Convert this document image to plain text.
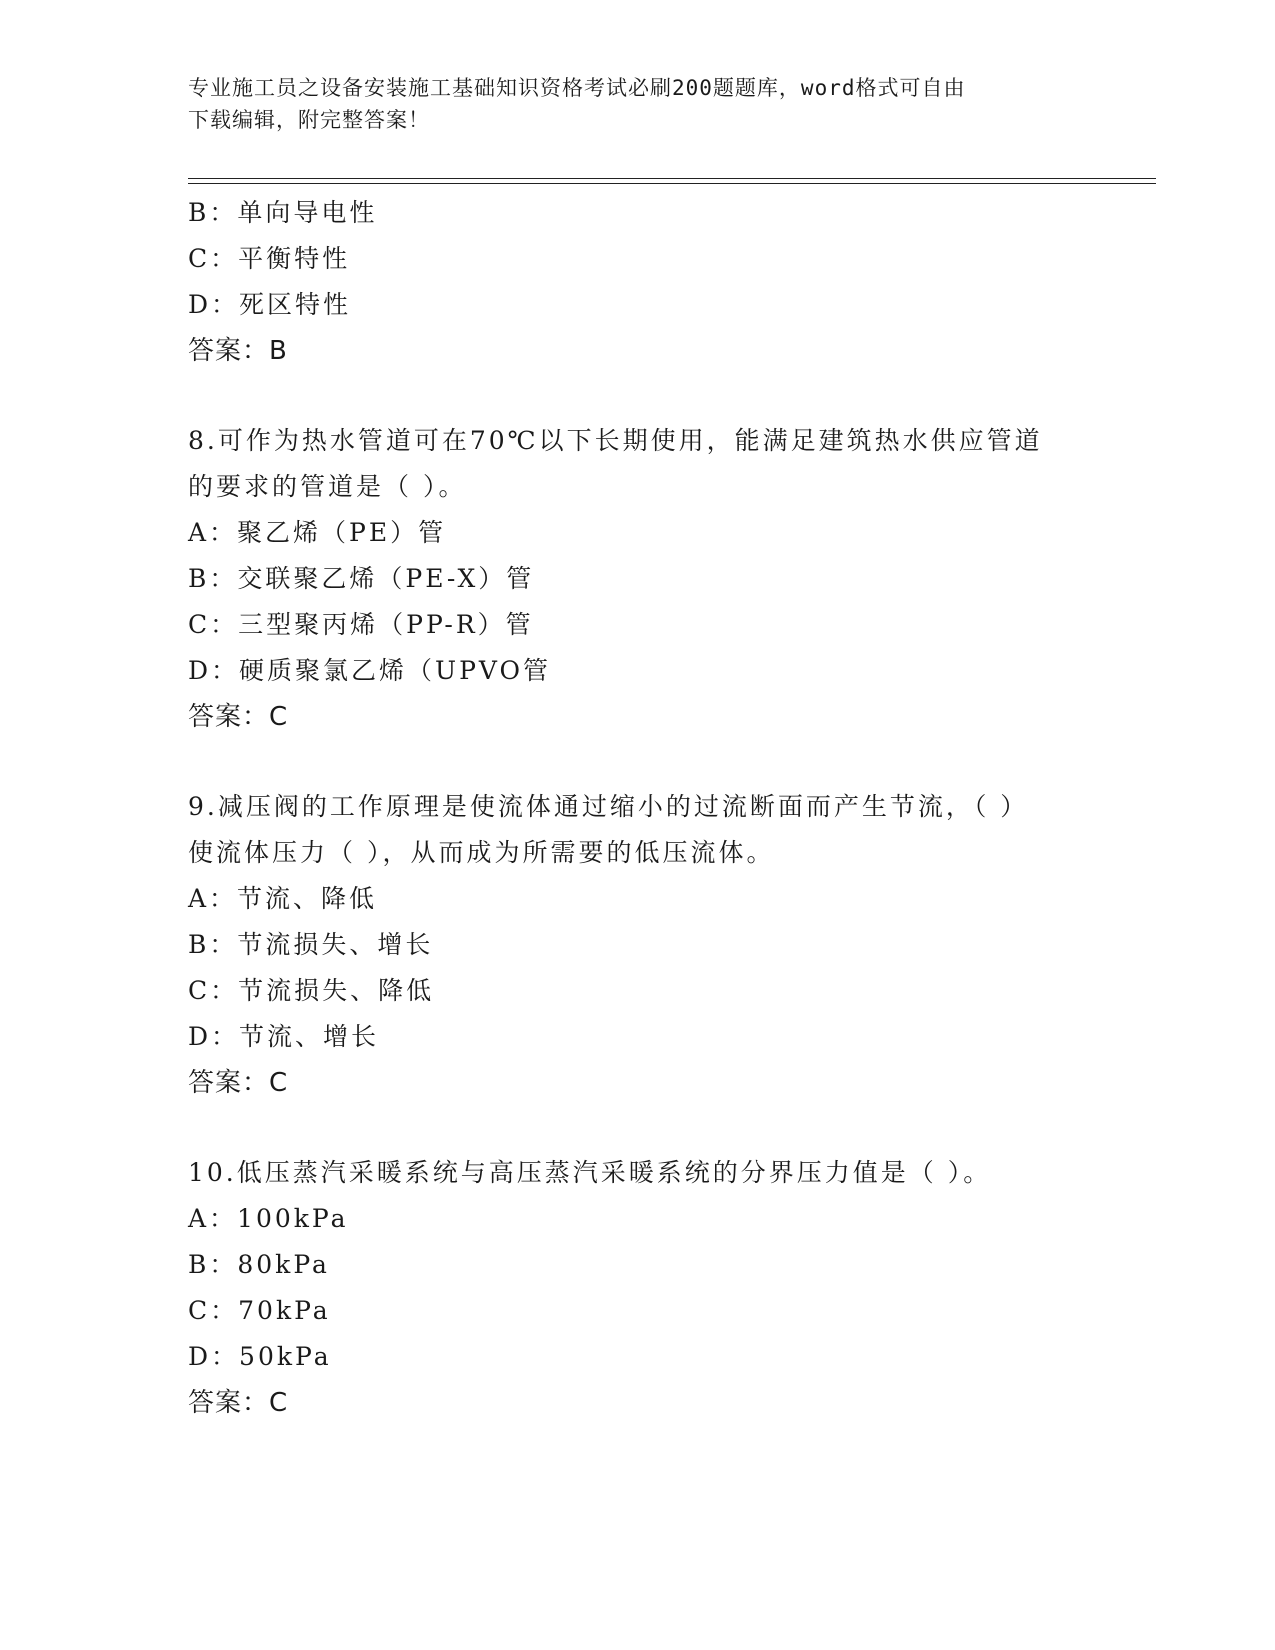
专业施工员之设备安装施工基础知识资格考试必刷200题题库，word格式可自由
下载编辑，附完整答案！
B：单向导电性
C：平衡特性
D：死区特性
答案：B
8.可作为热水管道可在70℃以下长期使用，能满足建筑热水供应管道
的要求的管道是（ ）。
A：聚乙烯（PE）管
B：交联聚乙烯（PE-X）管
C：三型聚丙烯（PP-R）管
D：硬质聚氯乙烯（UPVO管
答案：C
9.减压阀的工作原理是使流体通过缩小的过流断面而产生节流，（ ）
使流体压力（ ），从而成为所需要的低压流体。
A：节流、降低
B：节流损失、增长
C：节流损失、降低
D：节流、增长
答案：C
10.低压蒸汽采暖系统与高压蒸汽采暖系统的分界压力值是（ ）。
A：100kPa
B：80kPa
C：70kPa
D：50kPa
答案：C
